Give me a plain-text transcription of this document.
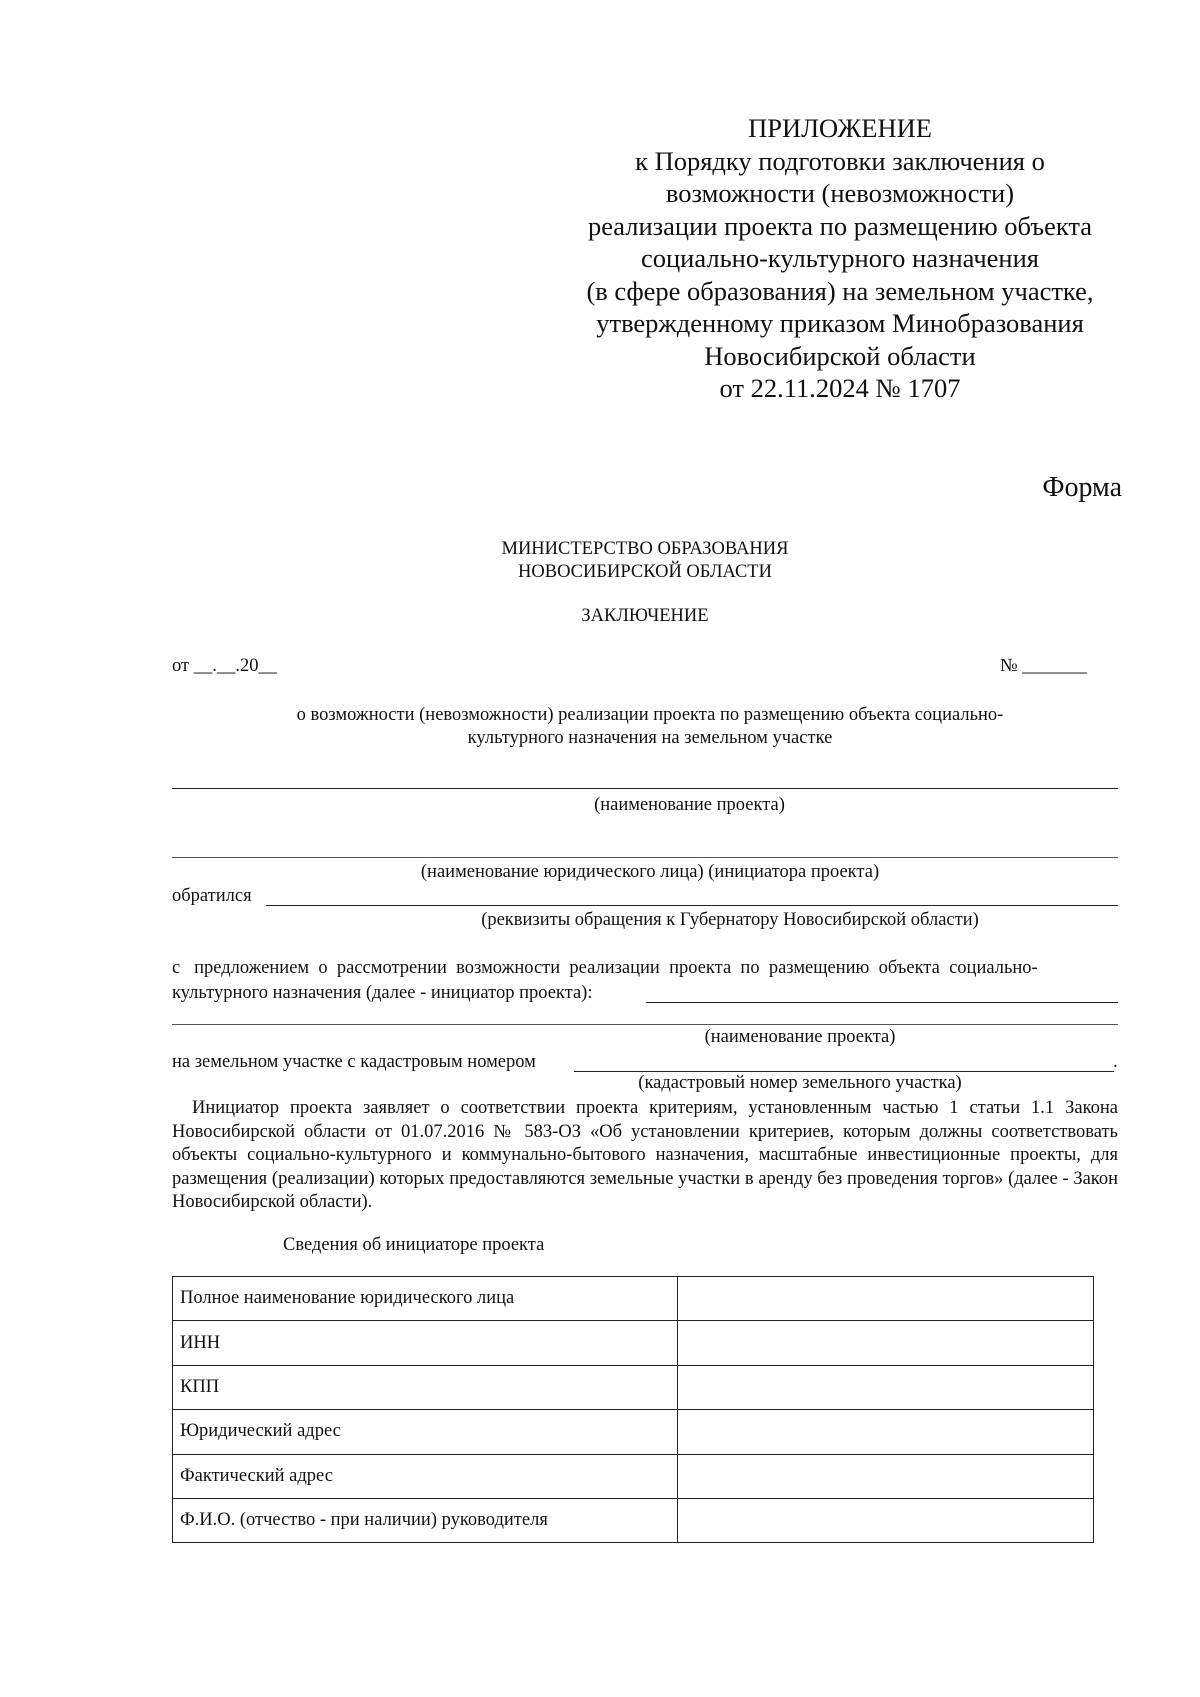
ПРИЛОЖЕНИЕ
к Порядку подготовки заключения о
возможности (невозможности)
реализации проекта по размещению объекта
социально-культурного назначения
(в сфере образования) на земельном участке,
утвержденному приказом Минобразования
Новосибирской области
от 22.11.2024 № 1707
Форма
МИНИСТЕРСТВО ОБРАЗОВАНИЯ
НОВОСИБИРСКОЙ ОБЛАСТИ
ЗАКЛЮЧЕНИЕ
от __.__.20__	№ _______
о возможности (невозможности) реализации проекта по размещению объекта социально-
культурного назначения на земельном участке
(наименование проекта)
(наименование юридического лица) (инициатора проекта)
обратился
(реквизиты обращения к Губернатору Новосибирской области)
с   предложением  о  рассмотрении  возможности  реализации  проекта  по  размещению  объекта  социально-
культурного назначения (далее - инициатор проекта):
(наименование проекта)
на земельном участке с кадастровым номером	.
(кадастровый номер земельного участка)
Инициатор проекта заявляет о соответствии проекта критериям, установленным частью 1 статьи 1.1 Закона Новосибирской области от 01.07.2016 № 583-ОЗ «Об установлении критериев, которым должны соответствовать объекты социально-культурного и коммунально-бытового назначения, масштабные инвестиционные проекты, для размещения (реализации) которых предоставляются земельные участки в аренду без проведения торгов» (далее - Закон Новосибирской области).
Сведения об инициаторе проекта
Полное наименование юридического лица	
ИНН	
КПП	
Юридический адрес	
Фактический адрес	
Ф.И.О. (отчество - при наличии) руководителя	
